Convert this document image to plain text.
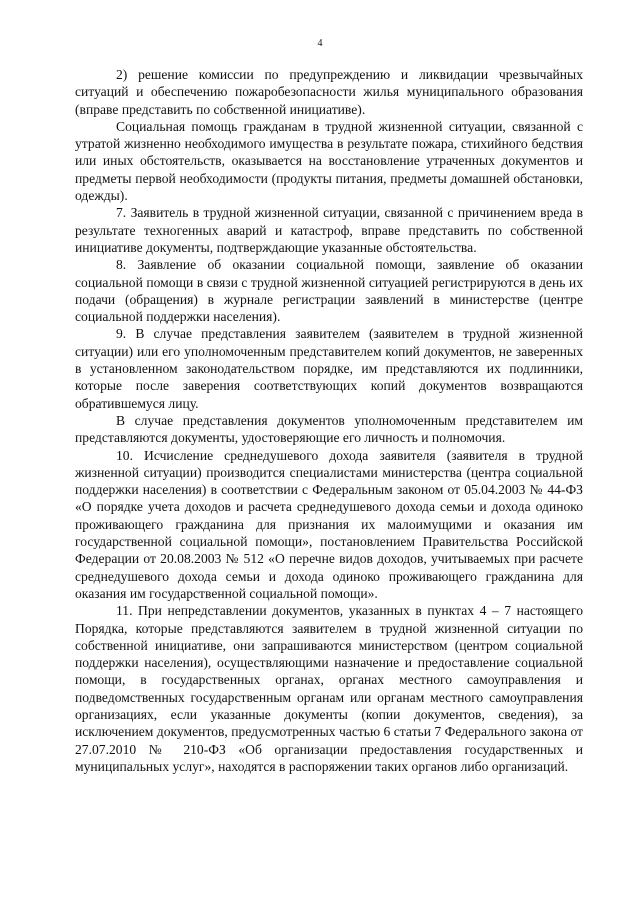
4

2) решение комиссии по предупреждению и ликвидации чрезвычайных ситуаций и обеспечению пожаробезопасности жилья муниципального образования (вправе представить по собственной инициативе).

Социальная помощь гражданам в трудной жизненной ситуации, связанной с утратой жизненно необходимого имущества в результате пожара, стихийного бедствия или иных обстоятельств, оказывается на восстановление утраченных документов и предметы первой необходимости (продукты питания, предметы домашней обстановки, одежды).

7. Заявитель в трудной жизненной ситуации, связанной с причинением вреда в результате техногенных аварий и катастроф, вправе представить по собственной инициативе документы, подтверждающие указанные обстоятельства.

8. Заявление об оказании социальной помощи, заявление об оказании социальной помощи в связи с трудной жизненной ситуацией регистрируются в день их подачи (обращения) в журнале регистрации заявлений в министерстве (центре социальной поддержки населения).

9. В случае представления заявителем (заявителем в трудной жизненной ситуации) или его уполномоченным представителем копий документов, не заверенных в установленном законодательством порядке, им представляются их подлинники, которые после заверения соответствующих копий документов возвращаются обратившемуся лицу.

В случае представления документов уполномоченным представителем им представляются документы, удостоверяющие его личность и полномочия.

10. Исчисление среднедушевого дохода заявителя (заявителя в трудной жизненной ситуации) производится специалистами министерства (центра социальной поддержки населения) в соответствии с Федеральным законом от 05.04.2003 № 44-ФЗ «О порядке учета доходов и расчета среднедушевого дохода семьи и дохода одиноко проживающего гражданина для признания их малоимущими и оказания им государственной социальной помощи», постановлением Правительства Российской Федерации от 20.08.2003 № 512 «О перечне видов доходов, учитываемых при расчете среднедушевого дохода семьи и дохода одиноко проживающего гражданина для оказания им государственной социальной помощи».

11. При непредставлении документов, указанных в пунктах 4 – 7 настоящего Порядка, которые представляются заявителем в трудной жизненной ситуации по собственной инициативе, они запрашиваются министерством (центром социальной поддержки населения), осуществляющими назначение и предоставление социальной помощи, в государственных органах, органах местного самоуправления и подведомственных государственным органам или органам местного самоуправления организациях, если указанные документы (копии документов, сведения), за исключением документов, предусмотренных частью 6 статьи 7 Федерального закона от 27.07.2010 № 210-ФЗ «Об организации предоставления государственных и муниципальных услуг», находятся в распоряжении таких органов либо организаций.
